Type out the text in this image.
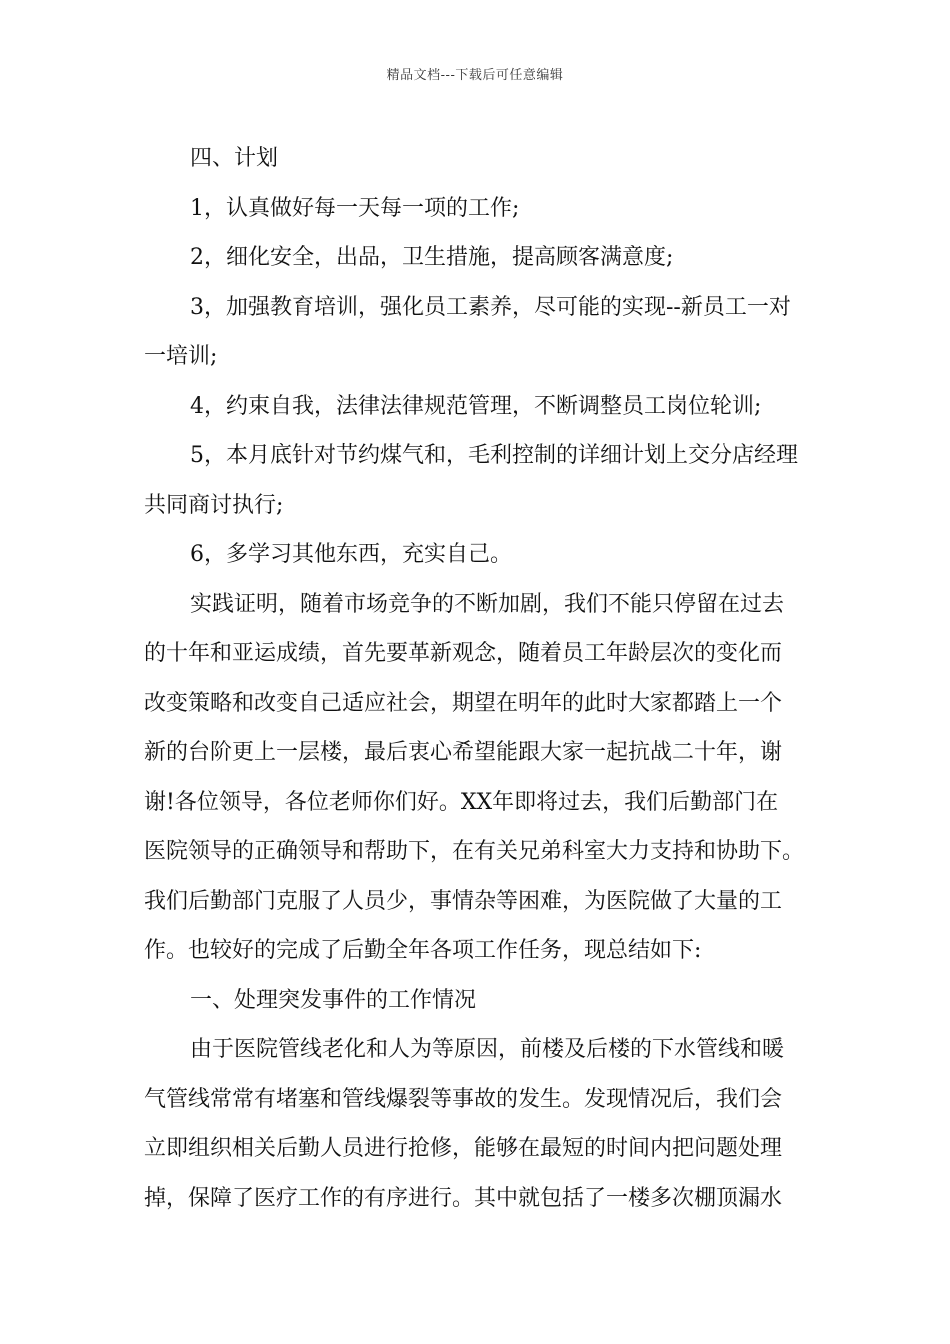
精品文档---下载后可任意编辑
四、计划
1，认真做好每一天每一项的工作;
2，细化安全，出品，卫生措施，提高顾客满意度;
3，加强教育培训，强化员工素养，尽可能的实现--新员工一对
一培训;
4，约束自我，法律法律规范管理，不断调整员工岗位轮训;
5，本月底针对节约煤气和，毛利控制的详细计划上交分店经理
共同商讨执行;
6，多学习其他东西，充实自己。
实践证明，随着市场竞争的不断加剧，我们不能只停留在过去
的十年和亚运成绩，首先要革新观念，随着员工年龄层次的变化而
改变策略和改变自己适应社会，期望在明年的此时大家都踏上一个
新的台阶更上一层楼，最后衷心希望能跟大家一起抗战二十年，谢
谢!各位领导，各位老师你们好。XX年即将过去，我们后勤部门在
医院领导的正确领导和帮助下，在有关兄弟科室大力支持和协助下。
我们后勤部门克服了人员少，事情杂等困难，为医院做了大量的工
作。也较好的完成了后勤全年各项工作任务，现总结如下:
一、处理突发事件的工作情况
由于医院管线老化和人为等原因，前楼及后楼的下水管线和暖
气管线常常有堵塞和管线爆裂等事故的发生。发现情况后，我们会
立即组织相关后勤人员进行抢修，能够在最短的时间内把问题处理
掉，保障了医疗工作的有序进行。其中就包括了一楼多次棚顶漏水
